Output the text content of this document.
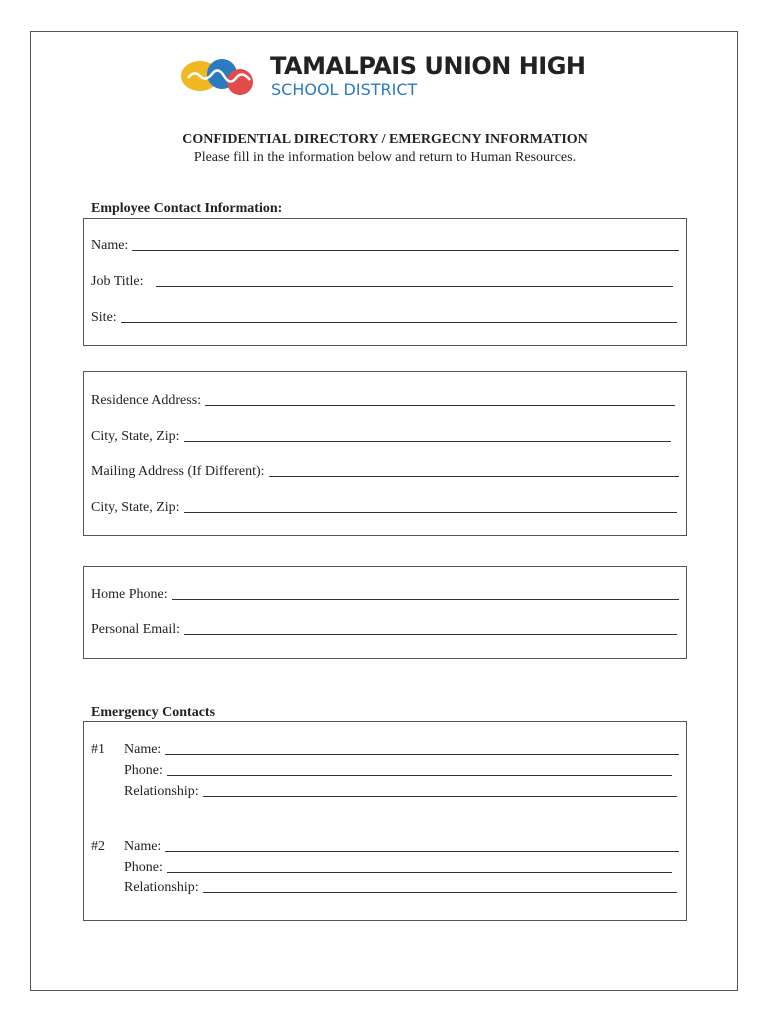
TAMALPAIS UNION HIGH
SCHOOL DISTRICT
CONFIDENTIAL DIRECTORY / EMERGECNY INFORMATION
Please fill in the information below and return to Human Resources.
Employee Contact Information:
Name:
Job Title:
Site:
Residence Address:
City, State, Zip:
Mailing Address (If Different):
City, State, Zip:
Home Phone:
Personal Email:
Emergency Contacts
#1 Name:
Phone:
Relationship:
#2 Name:
Phone:
Relationship:
